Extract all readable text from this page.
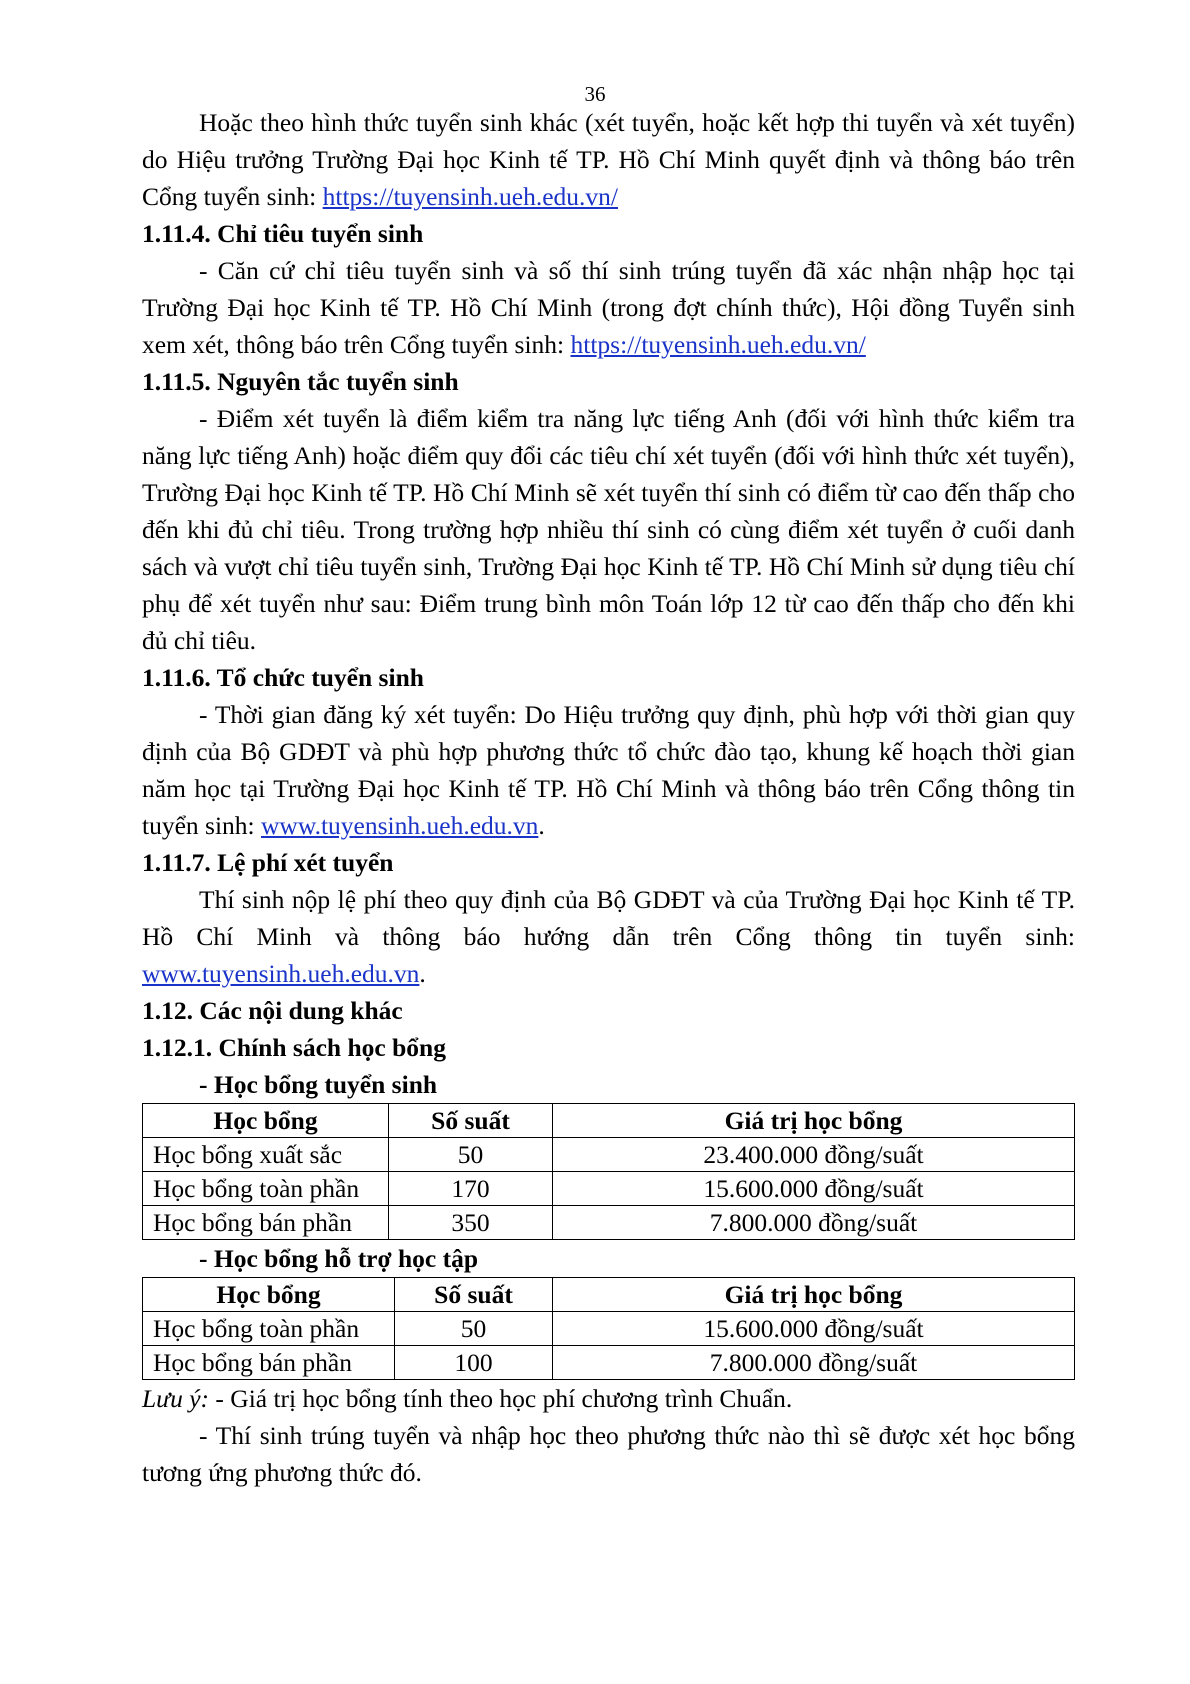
36

Hoặc theo hình thức tuyển sinh khác (xét tuyển, hoặc kết hợp thi tuyển và xét tuyển) do Hiệu trưởng Trường Đại học Kinh tế TP. Hồ Chí Minh quyết định và thông báo trên Cổng tuyển sinh: https://tuyensinh.ueh.edu.vn/

1.11.4. Chỉ tiêu tuyển sinh

- Căn cứ chỉ tiêu tuyển sinh và số thí sinh trúng tuyển đã xác nhận nhập học tại Trường Đại học Kinh tế TP. Hồ Chí Minh (trong đợt chính thức), Hội đồng Tuyển sinh xem xét, thông báo trên Cổng tuyển sinh: https://tuyensinh.ueh.edu.vn/

1.11.5. Nguyên tắc tuyển sinh

- Điểm xét tuyển là điểm kiểm tra năng lực tiếng Anh (đối với hình thức kiểm tra năng lực tiếng Anh) hoặc điểm quy đổi các tiêu chí xét tuyển (đối với hình thức xét tuyển), Trường Đại học Kinh tế TP. Hồ Chí Minh sẽ xét tuyển thí sinh có điểm từ cao đến thấp cho đến khi đủ chỉ tiêu. Trong trường hợp nhiều thí sinh có cùng điểm xét tuyển ở cuối danh sách và vượt chỉ tiêu tuyển sinh, Trường Đại học Kinh tế TP. Hồ Chí Minh sử dụng tiêu chí phụ để xét tuyển như sau: Điểm trung bình môn Toán lớp 12 từ cao đến thấp cho đến khi đủ chỉ tiêu.

1.11.6. Tổ chức tuyển sinh

- Thời gian đăng ký xét tuyển: Do Hiệu trưởng quy định, phù hợp với thời gian quy định của Bộ GDĐT và phù hợp phương thức tổ chức đào tạo, khung kế hoạch thời gian năm học tại Trường Đại học Kinh tế TP. Hồ Chí Minh và thông báo trên Cổng thông tin tuyển sinh: www.tuyensinh.ueh.edu.vn.

1.11.7. Lệ phí xét tuyển

Thí sinh nộp lệ phí theo quy định của Bộ GDĐT và của Trường Đại học Kinh tế TP. Hồ Chí Minh và thông báo hướng dẫn trên Cổng thông tin tuyển sinh: www.tuyensinh.ueh.edu.vn.

1.12. Các nội dung khác
1.12.1. Chính sách học bổng
- Học bổng tuyển sinh
Học bổng	Số suất	Giá trị học bổng
Học bổng xuất sắc	50	23.400.000 đồng/suất
Học bổng toàn phần	170	15.600.000 đồng/suất
Học bổng bán phần	350	7.800.000 đồng/suất
- Học bổng hỗ trợ học tập
Học bổng	Số suất	Giá trị học bổng
Học bổng toàn phần	50	15.600.000 đồng/suất
Học bổng bán phần	100	7.800.000 đồng/suất

Lưu ý: - Giá trị học bổng tính theo học phí chương trình Chuẩn.

- Thí sinh trúng tuyển và nhập học theo phương thức nào thì sẽ được xét học bổng tương ứng phương thức đó.
